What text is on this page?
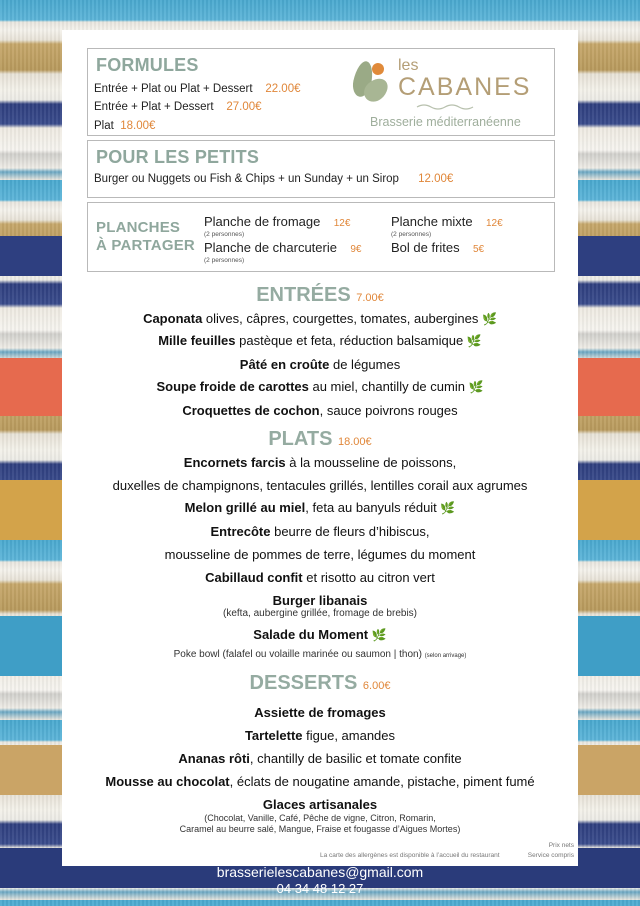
FORMULES
Entrée + Plat ou Plat + Dessert 22.00€
Entrée + Plat + Dessert 27.00€
Plat 18.00€
les
CABANES
Brasserie méditerranéenne
POUR LES PETITS
Burger ou Nuggets ou Fish & Chips + un Sunday + un Sirop 12.00€
PLANCHES
À PARTAGER
Planche de fromage 12€
(2 personnes)
Planche de charcuterie 9€
(2 personnes)
Planche mixte 12€
(2 personnes)
Bol de frites 5€
ENTRÉES 7.00€
Caponata olives, câpres, courgettes, tomates, aubergines 🌿
Mille feuilles pastèque et feta, réduction balsamique 🌿
Pâté en croûte de légumes
Soupe froide de carottes au miel, chantilly de cumin 🌿
Croquettes de cochon, sauce poivrons rouges
PLATS 18.00€
Encornets farcis à la mousseline de poissons,
duxelles de champignons, tentacules grillés, lentilles corail aux agrumes
Melon grillé au miel, feta au banyuls réduit 🌿
Entrecôte beurre de fleurs d’hibiscus,
mousseline de pommes de terre, légumes du moment
Cabillaud confit et risotto au citron vert
Burger libanais
(kefta, aubergine grillée, fromage de brebis)
Salade du Moment 🌿
Poke bowl (falafel ou volaille marinée ou saumon | thon) (selon arrivage)
DESSERTS 6.00€
Assiette de fromages
Tartelette figue, amandes
Ananas rôti, chantilly de basilic et tomate confite
Mousse au chocolat, éclats de nougatine amande, pistache, piment fumé
Glaces artisanales
(Chocolat, Vanille, Café, Pêche de vigne, Citron, Romarin,
Caramel au beurre salé, Mangue, Fraise et fougasse d’Aigues Mortes)
La carte des allergènes est disponible à l’accueil du restaurant
Prix nets
Service compris
brasserielescabanes@gmail.com
04 34 48 12 27
